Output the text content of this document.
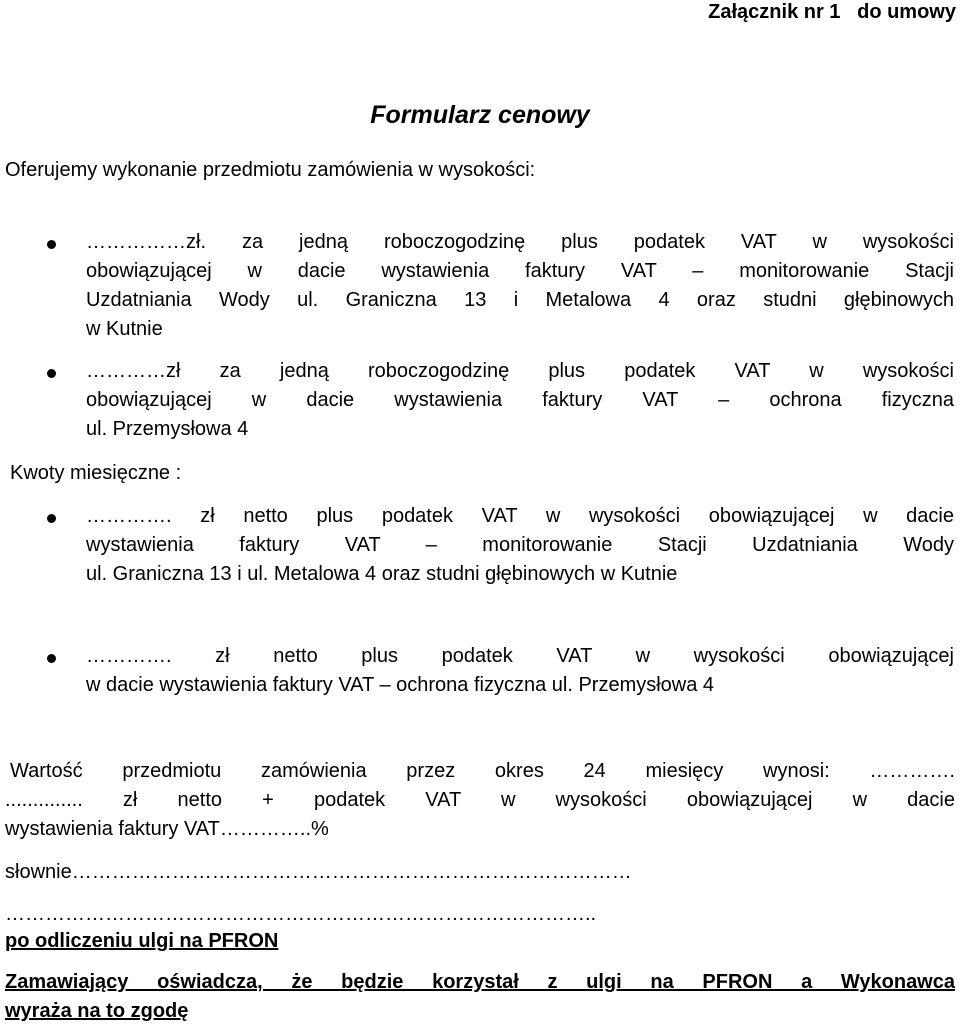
Załącznik nr 1   do umowy
Formularz cenowy
Oferujemy wykonanie przedmiotu zamówienia w wysokości:
……………zł. za jedną roboczogodzinę plus podatek VAT w wysokości
obowiązującej w dacie wystawienia faktury VAT – monitorowanie Stacji
Uzdatniania Wody ul. Graniczna 13 i Metalowa 4 oraz studni głębinowych
w Kutnie
…………zł za jedną roboczogodzinę plus podatek VAT w wysokości
obowiązującej w dacie wystawienia faktury VAT – ochrona fizyczna
ul. Przemysłowa 4
Kwoty miesięczne :
…………. zł netto plus podatek VAT w wysokości obowiązującej w dacie
wystawienia faktury VAT – monitorowanie Stacji Uzdatniania Wody
ul. Graniczna 13 i ul. Metalowa 4 oraz studni głębinowych w Kutnie
…………. zł netto plus podatek VAT w wysokości obowiązującej
w dacie wystawienia faktury VAT – ochrona fizyczna ul. Przemysłowa 4
Wartość przedmiotu zamówienia przez okres 24 miesięcy wynosi: ………….
.............. zł netto + podatek VAT w wysokości obowiązującej w dacie
wystawienia faktury VAT…………..%
słownie…………………………………………………………………………
……………………………………………………………………………..
po odliczeniu ulgi na PFRON
Zamawiający oświadcza, że będzie korzystał z ulgi na PFRON a Wykonawca
wyraża na to zgodę
